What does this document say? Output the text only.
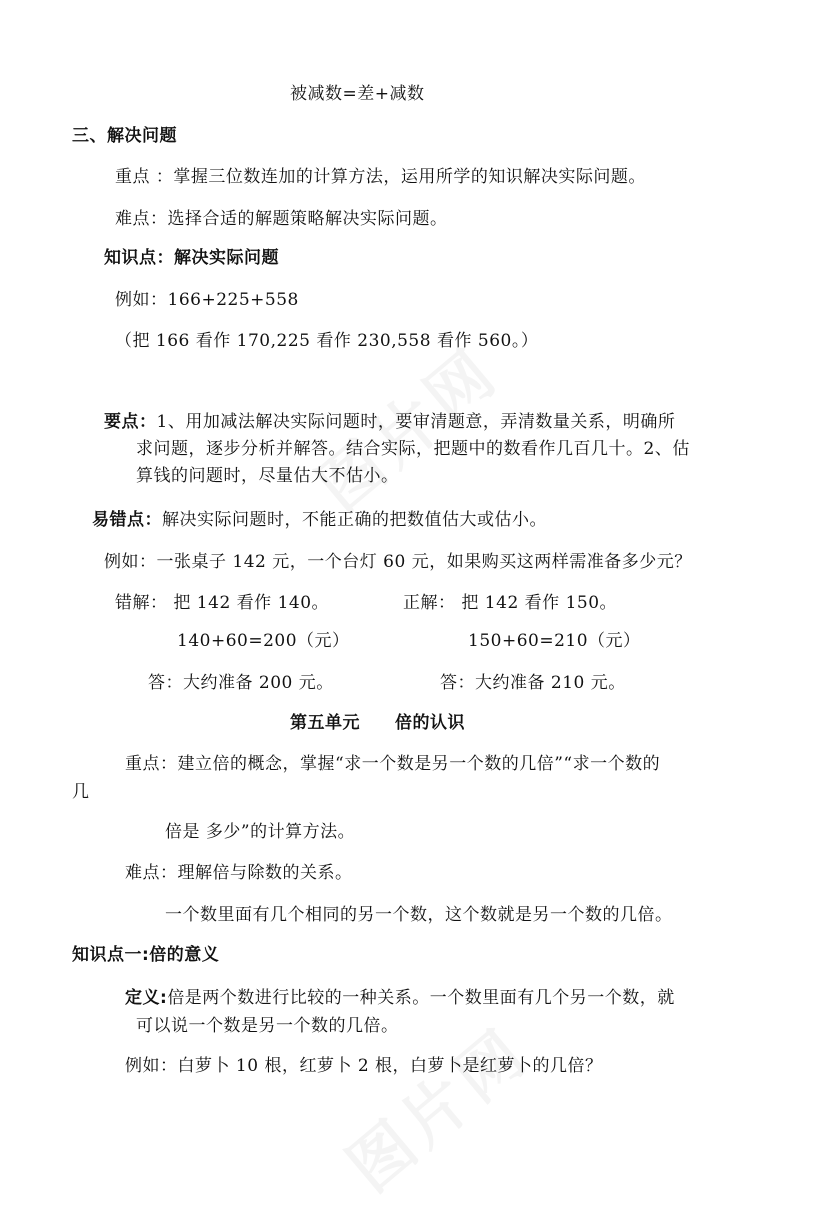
被减数=差+减数
三、解决问题
重点 ：掌握三位数连加的计算方法，运用所学的知识解决实际问题。
难点：选择合适的解题策略解决实际问题。
知识点：解决实际问题
例如：166+225+558
（把 166 看作 170,225 看作 230,558 看作 560。）
要点：1、用加减法解决实际问题时，要审清题意，弄清数量关系，明确所
求问题，逐步分析并解答。结合实际，把题中的数看作几百几十。2、估
算钱的问题时，尽量估大不估小。
易错点：解决实际问题时，不能正确的把数值估大或估小。
例如：一张桌子 142 元，一个台灯 60 元，如果购买这两样需准备多少元？
错解： 把 142 看作 140。	正解： 把 142 看作 150。
140+60=200（元）	150+60=210（元）
答：大约准备 200 元。	答：大约准备 210 元。
第五单元　　倍的认识
重点：建立倍的概念，掌握“求一个数是另一个数的几倍”“求一个数的
几
倍是 多少”的计算方法。
难点：理解倍与除数的关系。
一个数里面有几个相同的另一个数，这个数就是另一个数的几倍。
知识点一:倍的意义
定义:倍是两个数进行比较的一种关系。一个数里面有几个另一个数，就
可以说一个数是另一个数的几倍。
例如：白萝卜 10 根，红萝卜 2 根，白萝卜是红萝卜的几倍？
